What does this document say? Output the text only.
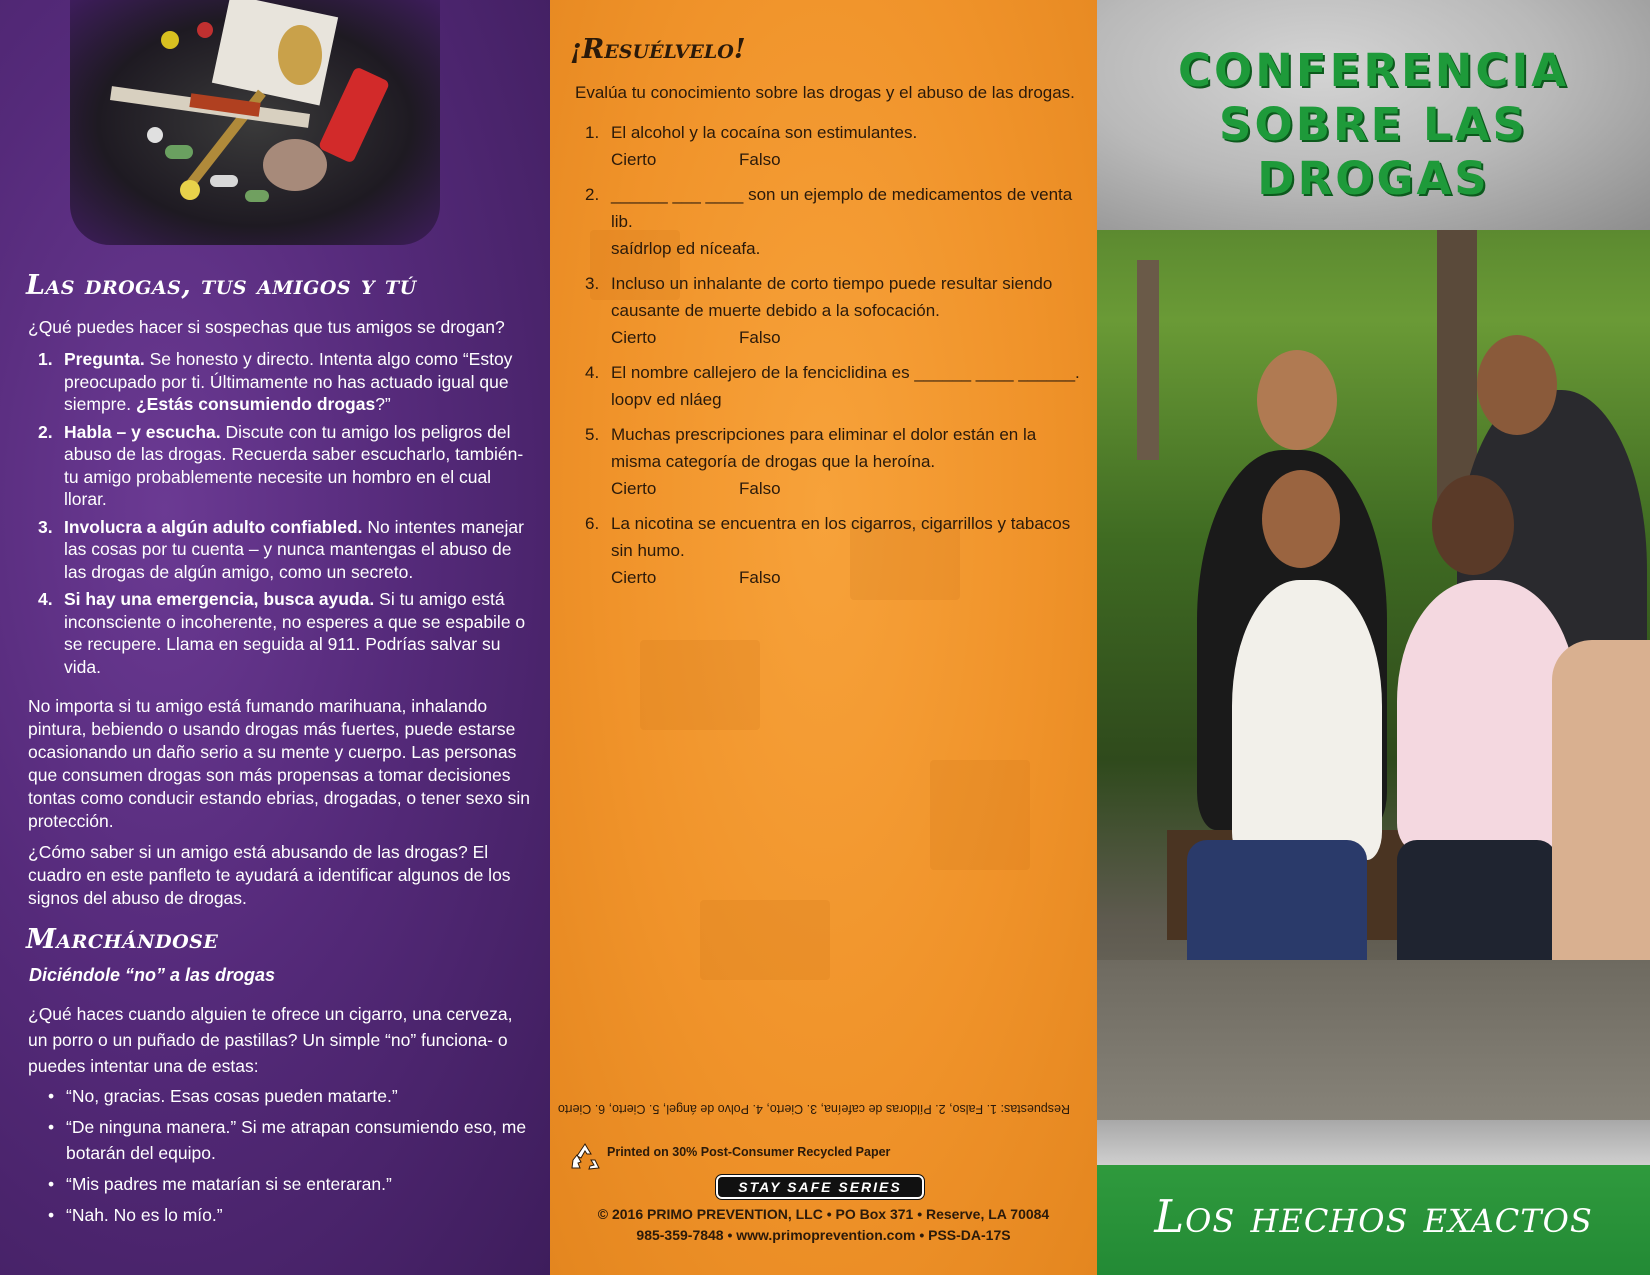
Las drogas, tus amigos y tú

¿Qué puedes hacer si sospechas que tus amigos se drogan?

1. Pregunta. Se honesto y directo. Intenta algo como “Estoy preocupado por ti. Últimamente no has actuado igual que siempre. ¿Estás consumiendo drogas?”
2. Habla – y escucha. Discute con tu amigo los peligros del abuso de las drogas. Recuerda saber escucharlo, también- tu amigo probablemente necesite un hombro en el cual llorar.
3. Involucra a algún adulto confiabled. No intentes manejar las cosas por tu cuenta – y nunca mantengas el abuso de las drogas de algún amigo, como un secreto.
4. Si hay una emergencia, busca ayuda. Si tu amigo está inconsciente o incoherente, no esperes a que se espabile o se recupere. Llama en seguida al 911. Podrías salvar su vida.

No importa si tu amigo está fumando marihuana, inhalando pintura, bebiendo o usando drogas más fuertes, puede estarse ocasionando un daño serio a su mente y cuerpo. Las personas que consumen drogas son más propensas a tomar decisiones tontas como conducir estando ebrias, drogadas, o tener sexo sin protección.

¿Cómo saber si un amigo está abusando de las drogas? El cuadro en este panfleto te ayudará a identificar algunos de los signos del abuso de drogas.

Marchándose
Diciéndole “no” a las drogas

¿Qué haces cuando alguien te ofrece un cigarro, una cerveza, un porro o un puñado de pastillas? Un simple “no” funciona- o puedes intentar una de estas:

• “No, gracias. Esas cosas pueden matarte.”
• “De ninguna manera.” Si me atrapan consumiendo eso, me botarán del equipo.
• “Mis padres me matarían si se enteraran.”
• “Nah. No es lo mío.”
¡Resuélvelo!

Evalúa tu conocimiento sobre las drogas y el abuso de las drogas.

1. El alcohol y la cocaína son estimulantes.
Cierto	Falso
2. ______ ___ ____ son un ejemplo de medicamentos de venta lib.
saídrlop ed níceafa.
3. Incluso un inhalante de corto tiempo puede resultar siendo causante de muerte debido a la sofocación.
Cierto	Falso
4. El nombre callejero de la fenciclidina es ______ ____ ______.
loopv ed nláeg
5. Muchas prescripciones para eliminar el dolor están en la misma categoría de drogas que la heroína.
Cierto	Falso
6. La nicotina se encuentra en los cigarros, cigarrillos y tabacos sin humo.
Cierto	Falso
Respuestas: 1. Falso, 2. Píldoras de cafeína, 3. Cierto, 4. Polvo de ángel, 5. Cierto, 6. Cierto
Printed on 30% Post-Consumer Recycled Paper
STAY SAFE SERIES
© 2016 PRIMO PREVENTION, LLC • PO Box 371 • Reserve, LA 70084
985-359-7848 • www.primoprevention.com • PSS-DA-17S
CONFERENCIA
SOBRE LAS DROGAS
Los hechos exactos
